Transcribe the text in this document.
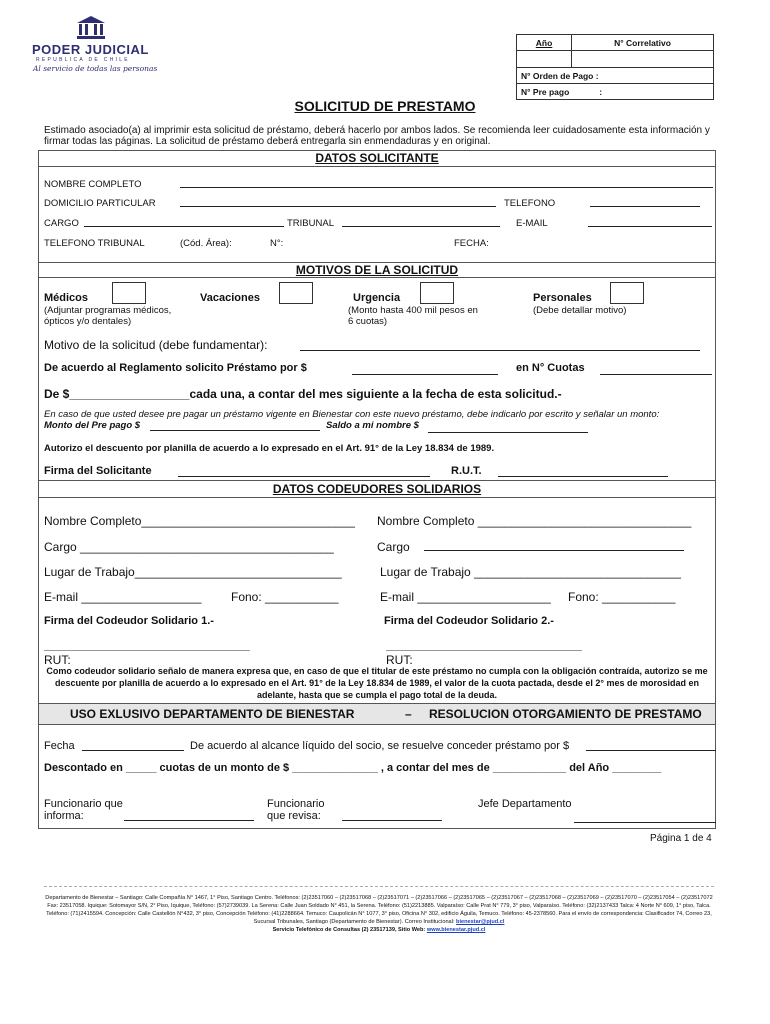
PODER JUDICIAL
REPUBLICA DE CHILE
Al servicio de todas las personas
Año	N° Correlativo

N° Orden de Pago :	
N° Pre pago :	
SOLICITUD DE PRESTAMO
Estimado asociado(a) al imprimir esta solicitud de préstamo, deberá hacerlo por ambos lados. Se recomienda leer cuidadosamente esta información y firmar todas las páginas. La solicitud de préstamo deberá entregarla sin enmendaduras y en original.
DATOS SOLICITANTE
NOMBRE COMPLETO
DOMICILIO PARTICULAR	TELEFONO
CARGO	TRIBUNAL	E-MAIL
TELEFONO TRIBUNAL	(Cód. Área):	N°:	FECHA:
MOTIVOS DE LA SOLICITUD
Médicos
(Adjuntar programas médicos, ópticos y/o dentales)
Vacaciones	Urgencia
(Monto hasta 400 mil pesos en 6 cuotas)
Personales
(Debe detallar motivo)
Motivo de la solicitud (debe fundamentar):
De acuerdo al Reglamento solicito Préstamo por $	en N° Cuotas
De $__________________cada una, a contar del mes siguiente a la fecha de esta solicitud.-
En caso de que usted desee pre pagar un préstamo vigente en Bienestar con este nuevo préstamo, debe indicarlo por escrito y señalar un monto:
Monto del Pre pago $	Saldo a mi nombre $
Autorizo el descuento por planilla de acuerdo a lo expresado en el Art. 91° de la Ley 18.834 de 1989.
Firma del Solicitante	R.U.T.
DATOS CODEUDORES SOLIDARIOS
Nombre Completo________________________________ Nombre Completo ________________________________
Cargo ______________________________________	Cargo
Lugar de Trabajo_______________________________	Lugar de Trabajo _______________________________
E-mail __________________ Fono: ___________	E-mail ____________________ Fono: ___________
Firma del Codeudor Solidario 1.-	Firma del Codeudor Solidario 2.-
RUT:	RUT:
Como codeudor solidario señalo de manera expresa que, en caso de que el titular de este préstamo no cumpla con la obligación contraída, autorizo se me descuente por planilla de acuerdo a lo expresado en el Art. 91° de la Ley 18.834 de 1989, el valor de la cuota pactada, desde el 2° mes de morosidad en adelante, hasta que se cumpla el pago total de la deuda.
USO EXLUSIVO DEPARTAMENTO DE BIENESTAR	– RESOLUCION OTORGAMIENTO DE PRESTAMO
Fecha	De acuerdo al alcance líquido del socio, se resuelve conceder préstamo por $
Descontado en _____ cuotas de un monto de $ ______________ , a contar del mes de ____________ del Año ________
Funcionario que informa:
Funcionario que revisa:
Jefe Departamento
Página 1 de 4
Departamento de Bienestar – Santiago: Calle Compañía N° 1467, 1° Piso, Santiago Centro. Teléfonos: (2)23517060 – (2)23517068 – (2)23517071 – (2)23517066 – (2)23517065 – (2)23517067 – (2)23517068 – (2)23517069 – (2)23517070 – (2)23517054 – (2)23517072 Fax: 23517058. Iquique: Sotomayor S/N, 2° Piso, Iquique, Teléfono: (57)2739039. La Serena: Calle Juan Soldado N° 451, la Serena. Teléfono: (51)2213885. Valparaíso: Calle Prat N° 779, 3° piso, Valparaíso. Teléfono: (32)2137433 Talca: 4 Norte N° 609, 1° piso, Talca. Teléfono: (71)2415594. Concepción: Calle Castellón N°432, 3° piso, Concepción Teléfono: (41)2288664. Temuco: Caupolicán N° 1077, 3° piso, Oficina N° 302, edificio Águila, Temuco. Teléfono: 45-2378560. Para el envío de correspondencia: Clasificador 74, Correo 23, Sucursal Tribunales, Santiago (Departamento de Bienestar). Correo Institucional: bienestar@pjud.cl
Servicio Telefónico de Consultas (2) 23517139, Sitio Web: www.bienestar.pjud.cl
